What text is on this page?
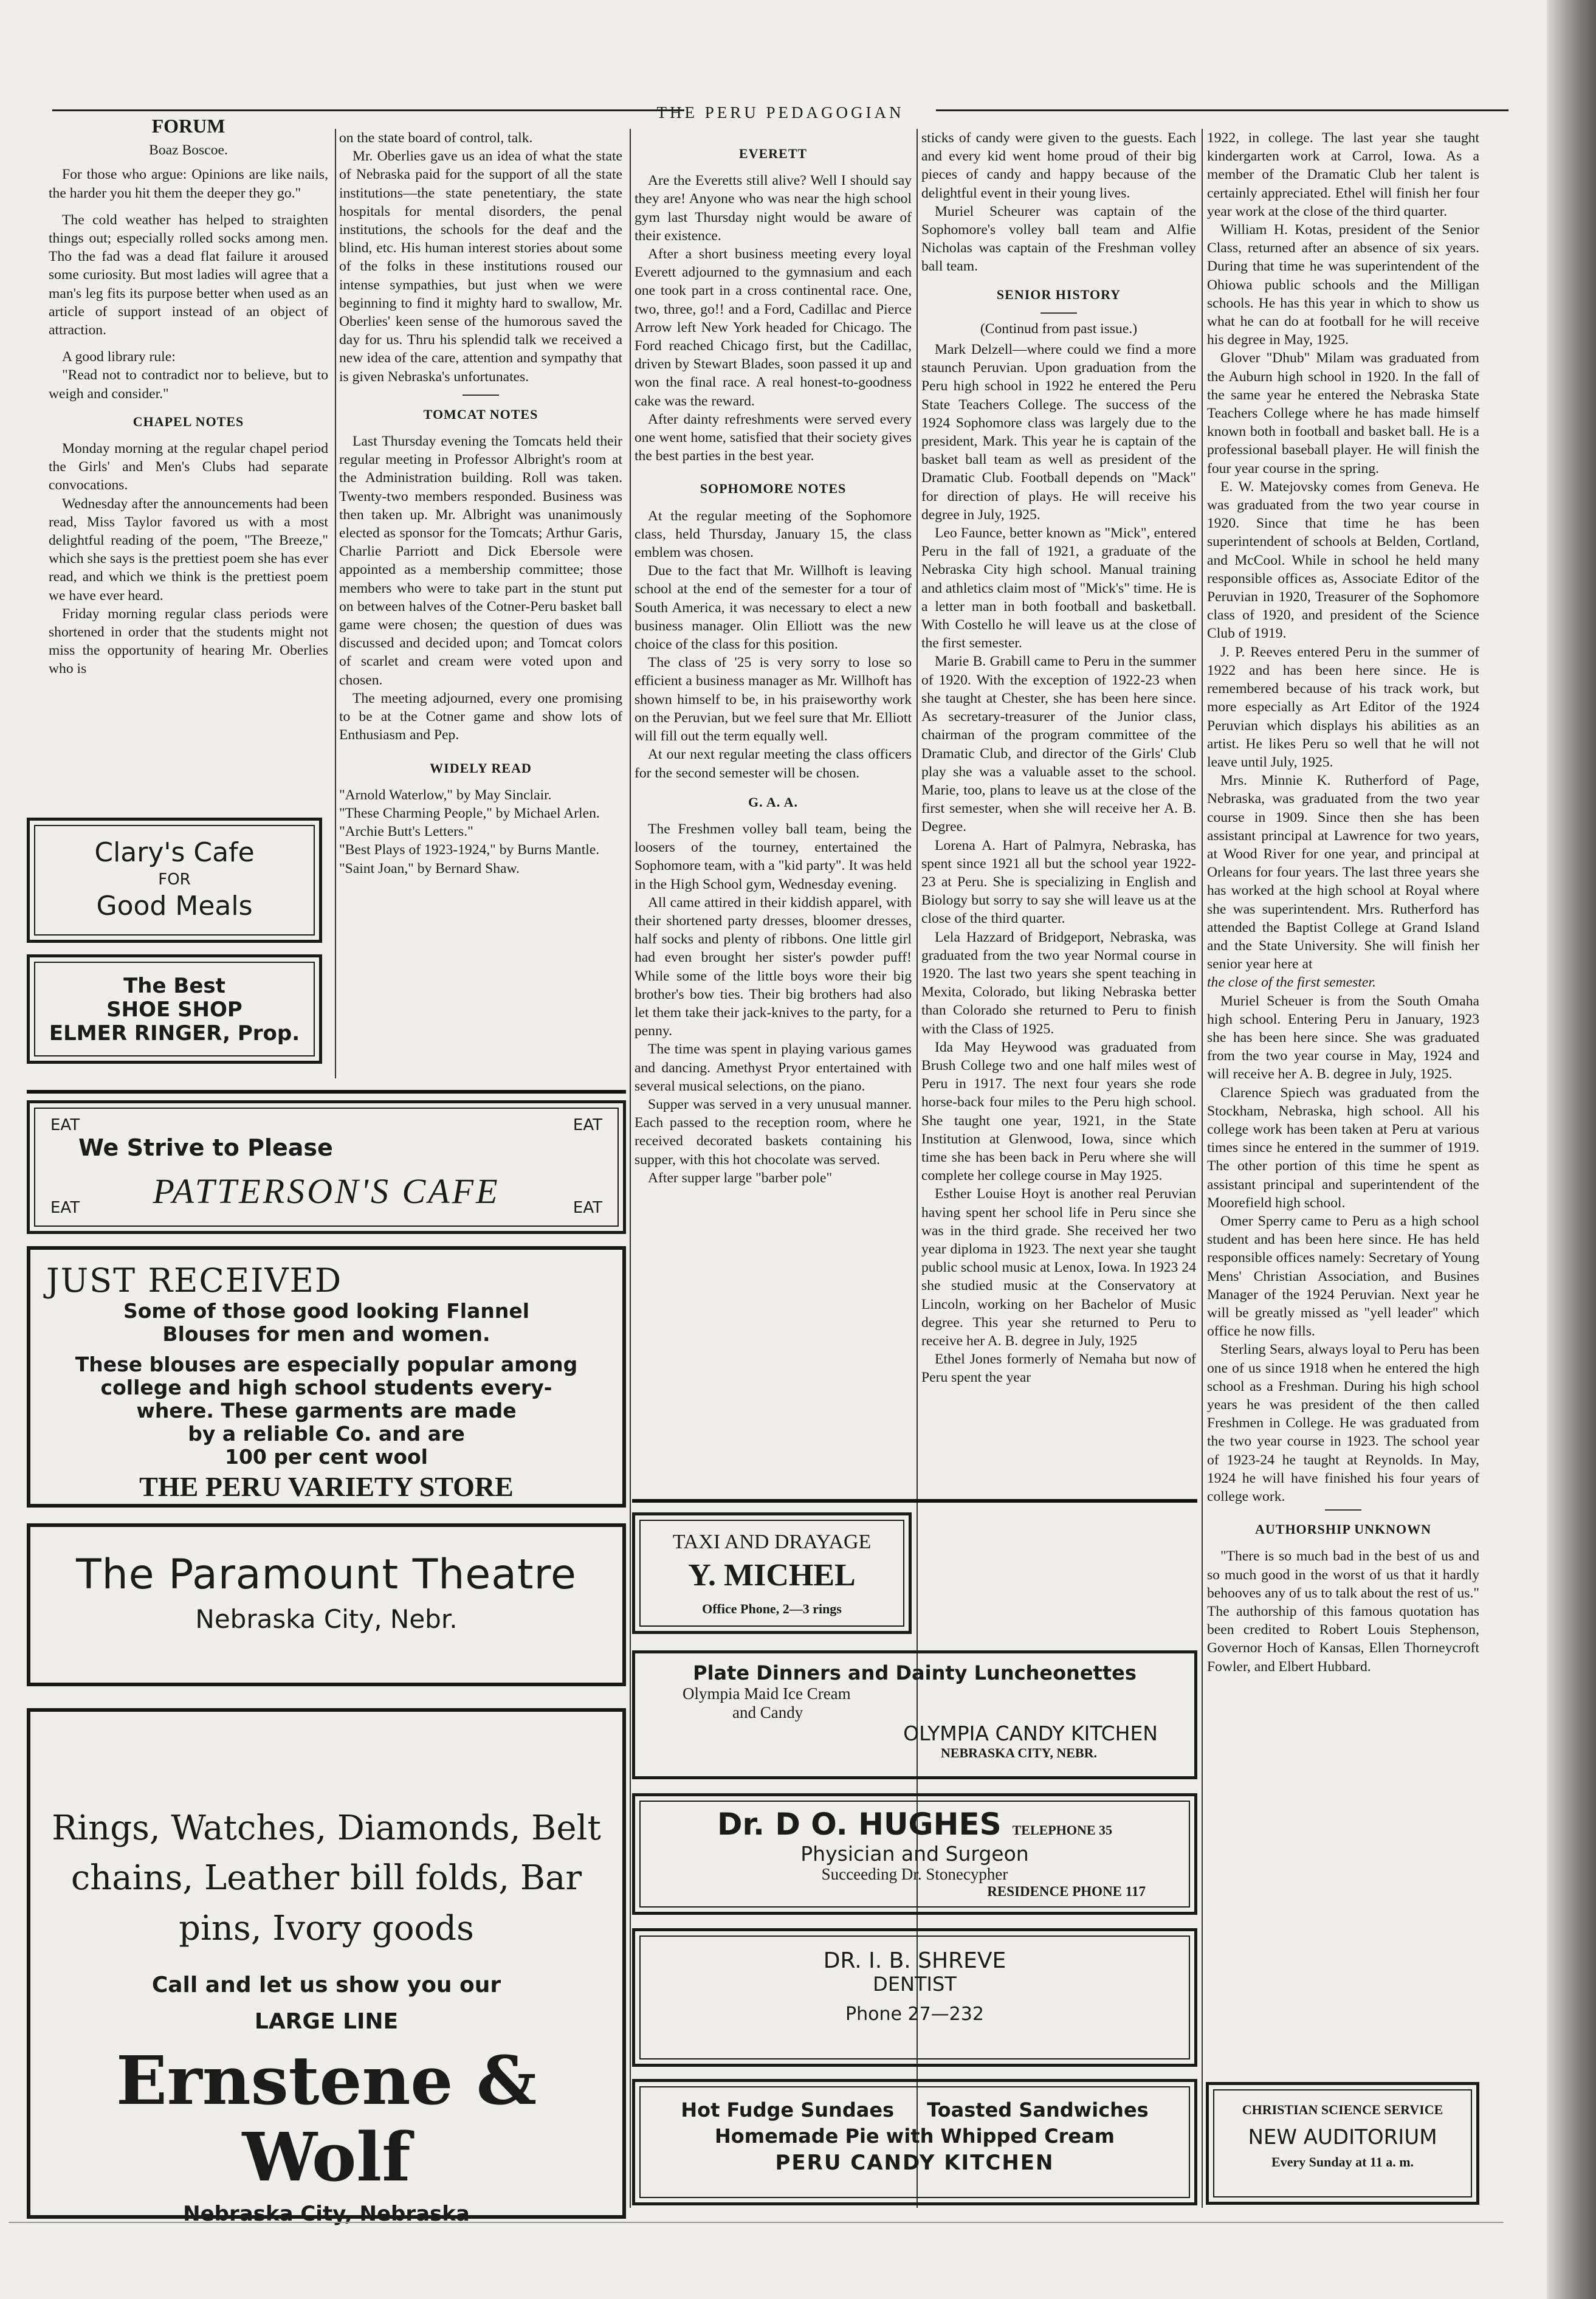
THE PERU PEDAGOGIAN
FORUM
Boaz Boscoe.

For those who argue: Opinions are like nails, the harder you hit them the deeper they go."

The cold weather has helped to straighten things out; especially rolled socks among men. Tho the fad was a dead flat failure it aroused some curiosity. But most ladies will agree that a man's leg fits its purpose better when used as an article of support instead of an object of attraction.

A good library rule:

"Read not to contradict nor to believe, but to weigh and consider."

CHAPEL NOTES

Monday morning at the regular chapel period the Girls' and Men's Clubs had separate convocations.

Wednesday after the announcements had been read, Miss Taylor favored us with a most delightful reading of the poem, "The Breeze," which she says is the prettiest poem she has ever read, and which we think is the prettiest poem we have ever heard.

Friday morning regular class periods were shortened in order that the students might not miss the opportunity of hearing Mr. Oberlies who is

on the state board of control, talk.

Mr. Oberlies gave us an idea of what the state of Nebraska paid for the support of all the state institutions—the state penetentiary, the state hospitals for mental disorders, the penal institutions, the schools for the deaf and the blind, etc. His human interest stories about some of the folks in these institutions roused our intense sympathies, but just when we were beginning to find it mighty hard to swallow, Mr. Oberlies' keen sense of the humorous saved the day for us. Thru his splendid talk we received a new idea of the care, attention and sympathy that is given Nebraska's unfortunates.

TOMCAT NOTES

Last Thursday evening the Tomcats held their regular meeting in Professor Albright's room at the Administration building. Roll was taken. Twenty-two members responded. Business was then taken up. Mr. Albright was unanimously elected as sponsor for the Tomcats; Arthur Garis, Charlie Parriott and Dick Ebersole were appointed as a membership committee; those members who were to take part in the stunt put on between halves of the Cotner-Peru basket ball game were chosen; the question of dues was discussed and decided upon; and Tomcat colors of scarlet and cream were voted upon and chosen.

The meeting adjourned, every one promising to be at the Cotner game and show lots of Enthusiasm and Pep.

WIDELY READ

"Arnold Waterlow," by May Sinclair.

"These Charming People," by Michael Arlen.

"Archie Butt's Letters."

"Best Plays of 1923-1924," by Burns Mantle.

"Saint Joan," by Bernard Shaw.

EVERETT

Are the Everetts still alive? Well I should say they are! Anyone who was near the high school gym last Thursday night would be aware of their existence.

After a short business meeting every loyal Everett adjourned to the gymnasium and each one took part in a cross continental race. One, two, three, go!! and a Ford, Cadillac and Pierce Arrow left New York headed for Chicago. The Ford reached Chicago first, but the Cadillac, driven by Stewart Blades, soon passed it up and won the final race. A real honest-to-goodness cake was the reward.

After dainty refreshments were served every one went home, satisfied that their society gives the best parties in the best year.

SOPHOMORE NOTES

At the regular meeting of the Sophomore class, held Thursday, January 15, the class emblem was chosen.

Due to the fact that Mr. Willhoft is leaving school at the end of the semester for a tour of South America, it was necessary to elect a new business manager. Olin Elliott was the new choice of the class for this position.

The class of '25 is very sorry to lose so efficient a business manager as Mr. Willhoft has shown himself to be, in his praiseworthy work on the Peruvian, but we feel sure that Mr. Elliott will fill out the term equally well.

At our next regular meeting the class officers for the second semester will be chosen.

G. A. A.

The Freshmen volley ball team, being the loosers of the tourney, entertained the Sophomore team, with a "kid party". It was held in the High School gym, Wednesday evening.

All came attired in their kiddish apparel, with their shortened party dresses, bloomer dresses, half socks and plenty of ribbons. One little girl had even brought her sister's powder puff! While some of the little boys wore their big brother's bow ties. Their big brothers had also let them take their jack-knives to the party, for a penny.

The time was spent in playing various games and dancing. Amethyst Pryor entertained with several musical selections, on the piano.

Supper was served in a very unusual manner. Each passed to the reception room, where he received decorated baskets containing his supper, with this hot chocolate was served.

After supper large "barber pole"

sticks of candy were given to the guests. Each and every kid went home proud of their big pieces of candy and happy because of the delightful event in their young lives.

Muriel Scheurer was captain of the Sophomore's volley ball team and Alfie Nicholas was captain of the Freshman volley ball team.

SENIOR HISTORY
(Continud from past issue.)

Mark Delzell—where could we find a more staunch Peruvian. Upon graduation from the Peru high school in 1922 he entered the Peru State Teachers College. The success of the 1924 Sophomore class was largely due to the president, Mark. This year he is captain of the basket ball team as well as president of the Dramatic Club. Football depends on "Mack" for direction of plays. He will receive his degree in July, 1925.

Leo Faunce, better known as "Mick", entered Peru in the fall of 1921, a graduate of the Nebraska City high school. Manual training and athletics claim most of "Mick's" time. He is a letter man in both football and basketball. With Costello he will leave us at the close of the first semester.

Marie B. Grabill came to Peru in the summer of 1920. With the exception of 1922-23 when she taught at Chester, she has been here since. As secretary-treasurer of the Junior class, chairman of the program committee of the Dramatic Club, and director of the Girls' Club play she was a valuable asset to the school. Marie, too, plans to leave us at the close of the first semester, when she will receive her A. B. Degree.

Lorena A. Hart of Palmyra, Nebraska, has spent since 1921 all but the school year 1922-23 at Peru. She is specializing in English and Biology but sorry to say she will leave us at the close of the third quarter.

Lela Hazzard of Bridgeport, Nebraska, was graduated from the two year Normal course in 1920. The last two years she spent teaching in Mexita, Colorado, but liking Nebraska better than Colorado she returned to Peru to finish with the Class of 1925.

Ida May Heywood was graduated from Brush College two and one half miles west of Peru in 1917. The next four years she rode horse-back four miles to the Peru high school. She taught one year, 1921, in the State Institution at Glenwood, Iowa, since which time she has been back in Peru where she will complete her college course in May 1925.

Esther Louise Hoyt is another real Peruvian having spent her school life in Peru since she was in the third grade. She received her two year diploma in 1923. The next year she taught public school music at Lenox, Iowa. In 1923 24 she studied music at the Conservatory at Lincoln, working on her Bachelor of Music degree. This year she returned to Peru to receive her A. B. degree in July, 1925

Ethel Jones formerly of Nemaha but now of Peru spent the year

1922, in college. The last year she taught kindergarten work at Carrol, Iowa. As a member of the Dramatic Club her talent is certainly appreciated. Ethel will finish her four year work at the close of the third quarter.

William H. Kotas, president of the Senior Class, returned after an absence of six years. During that time he was superintendent of the Ohiowa public schools and the Milligan schools. He has this year in which to show us what he can do at football for he will receive his degree in May, 1925.

Glover "Dhub" Milam was graduated from the Auburn high school in 1920. In the fall of the same year he entered the Nebraska State Teachers College where he has made himself known both in football and basket ball. He is a professional baseball player. He will finish the four year course in the spring.

E. W. Matejovsky comes from Geneva. He was graduated from the two year course in 1920. Since that time he has been superintendent of schools at Belden, Cortland, and McCool. While in school he held many responsible offices as, Associate Editor of the Peruvian in 1920, Treasurer of the Sophomore class of 1920, and president of the Science Club of 1919.

J. P. Reeves entered Peru in the summer of 1922 and has been here since. He is remembered because of his track work, but more especially as Art Editor of the 1924 Peruvian which displays his abilities as an artist. He likes Peru so well that he will not leave until July, 1925.

Mrs. Minnie K. Rutherford of Page, Nebraska, was graduated from the two year course in 1909. Since then she has been assistant principal at Lawrence for two years, at Wood River for one year, and principal at Orleans for four years. The last three years she has worked at the high school at Royal where she was superintendent. Mrs. Rutherford has attended the Baptist College at Grand Island and the State University. She will finish her senior year here at

the close of the first semester.

Muriel Scheuer is from the South Omaha high school. Entering Peru in January, 1923 she has been here since. She was graduated from the two year course in May, 1924 and will receive her A. B. degree in July, 1925.

Clarence Spiech was graduated from the Stockham, Nebraska, high school. All his college work has been taken at Peru at various times since he entered in the summer of 1919. The other portion of this time he spent as assistant principal and superintendent of the Moorefield high school.

Omer Sperry came to Peru as a high school student and has been here since. He has held responsible offices namely: Secretary of Young Mens' Christian Association, and Busines Manager of the 1924 Peruvian. Next year he will be greatly missed as "yell leader" which office he now fills.

Sterling Sears, always loyal to Peru has been one of us since 1918 when he entered the high school as a Freshman. During his high school years he was president of the then called Freshmen in College. He was graduated from the two year course in 1923. The school year of 1923-24 he taught at Reynolds. In May, 1924 he will have finished his four years of college work.

AUTHORSHIP UNKNOWN

"There is so much bad in the best of us and so much good in the worst of us that it hardly behooves any of us to talk about the rest of us." The authorship of this famous quotation has been credited to Robert Louis Stephenson, Governor Hoch of Kansas, Ellen Thorneycroft Fowler, and Elbert Hubbard.

Clary's Cafe
FOR
Good Meals
The Best
SHOE SHOP
ELMER RINGER, Prop.
EAT	EAT
EAT	EAT
We Strive to Please
PATTERSON'S CAFE
JUST RECEIVED
Some of those good looking Flannel
Blouses for men and women.
These blouses are especially popular among
college and high school students every-
where. These garments are made
by a reliable Co. and are
100 per cent wool
THE PERU VARIETY STORE
The Paramount Theatre
Nebraska City, Nebr.
Rings, Watches, Diamonds, Belt
chains, Leather bill folds, Bar
pins, Ivory goods
Call and let us show you our
LARGE LINE
Ernstene & Wolf
Nebraska City, Nebraska
TAXI AND DRAYAGE
Y. MICHEL
Office Phone, 2—3 rings
Plate Dinners and Dainty Luncheonettes
Olympia Maid Ice Cream
and Candy
OLYMPIA CANDY KITCHEN
NEBRASKA CITY, NEBR.
Dr. D O. HUGHES TELEPHONE 35
Physician and Surgeon
Succeeding Dr. Stonecypher
RESIDENCE PHONE 117
DR. I. B. SHREVE
DENTIST
Phone 27—232
Hot Fudge Sundaes Toasted Sandwiches
Homemade Pie with Whipped Cream
PERU CANDY KITCHEN
CHRISTIAN SCIENCE SERVICE
NEW AUDITORIUM
Every Sunday at 11 a. m.
